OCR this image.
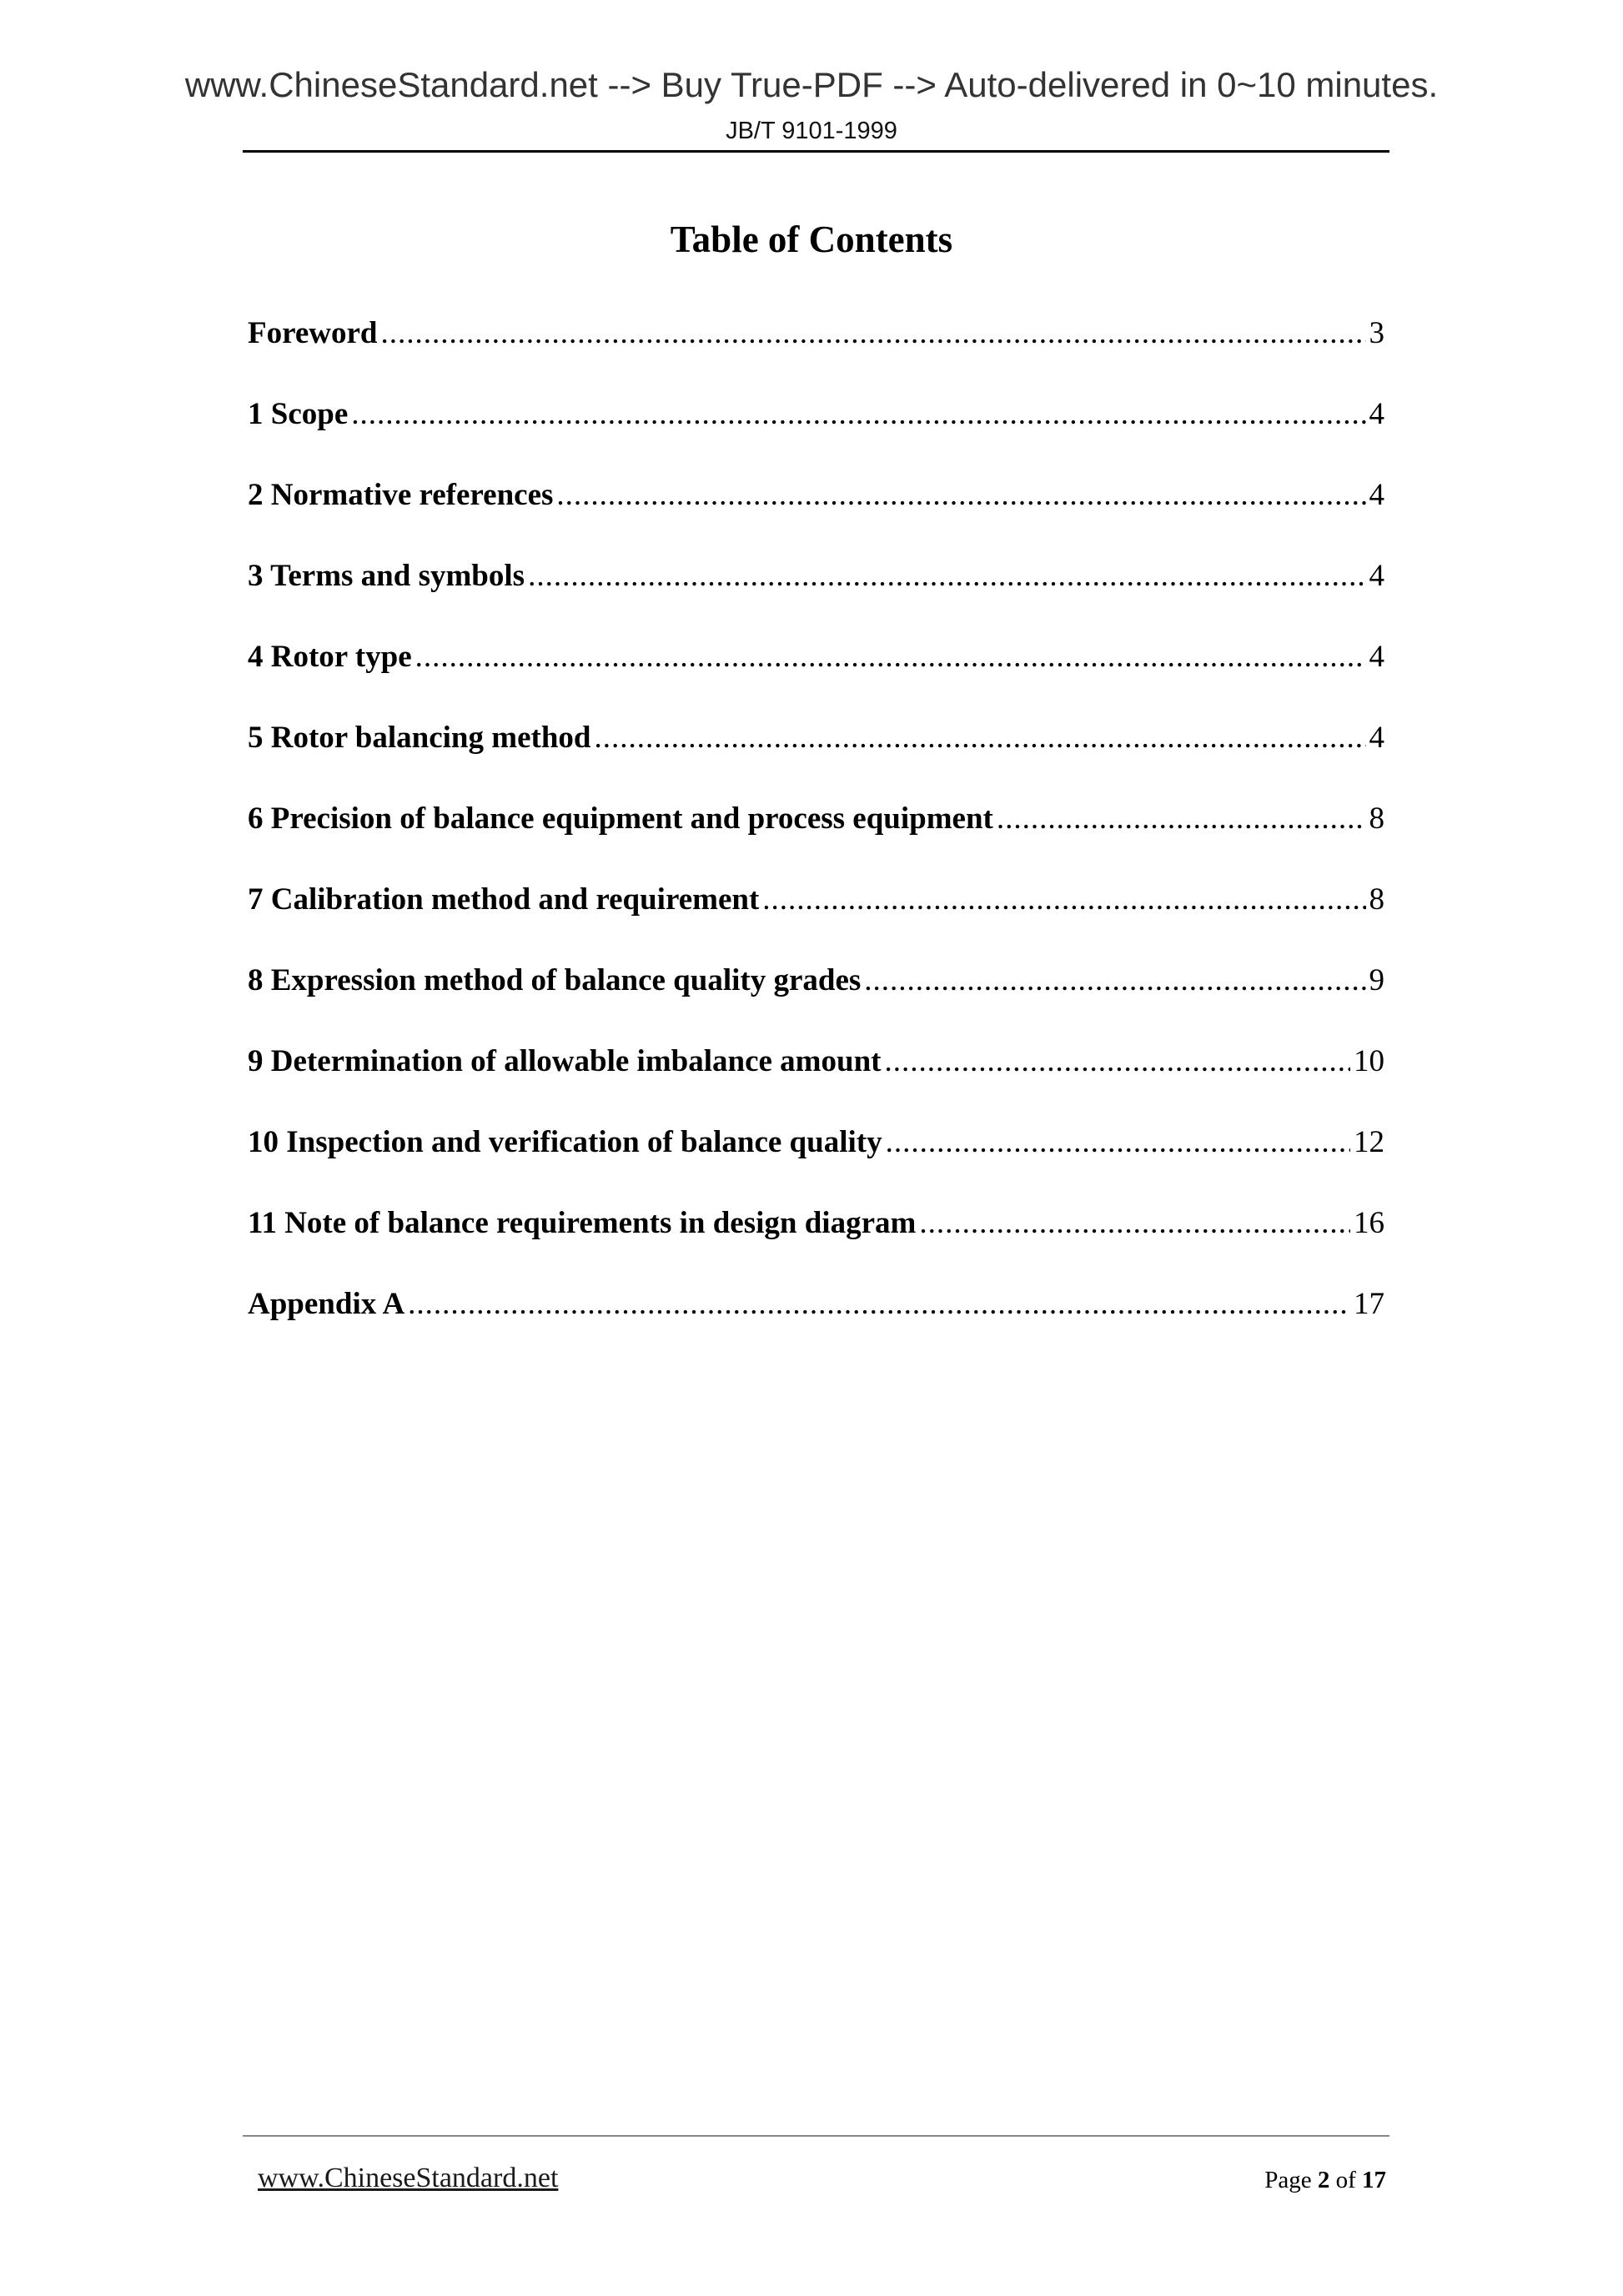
www.ChineseStandard.net --> Buy True-PDF --> Auto-delivered in 0~10 minutes.
JB/T 9101-1999
Table of Contents
Foreword .....	3
1 Scope .....	4
2 Normative references .....	4
3 Terms and symbols .....	4
4 Rotor type .....	4
5 Rotor balancing method .....	4
6 Precision of balance equipment and process equipment .....	8
7 Calibration method and requirement .....	8
8 Expression method of balance quality grades .....	9
9 Determination of allowable imbalance amount .....	10
10 Inspection and verification of balance quality .....	12
11 Note of balance requirements in design diagram .....	16
Appendix A .....	17
www.ChineseStandard.net	Page 2 of 17
